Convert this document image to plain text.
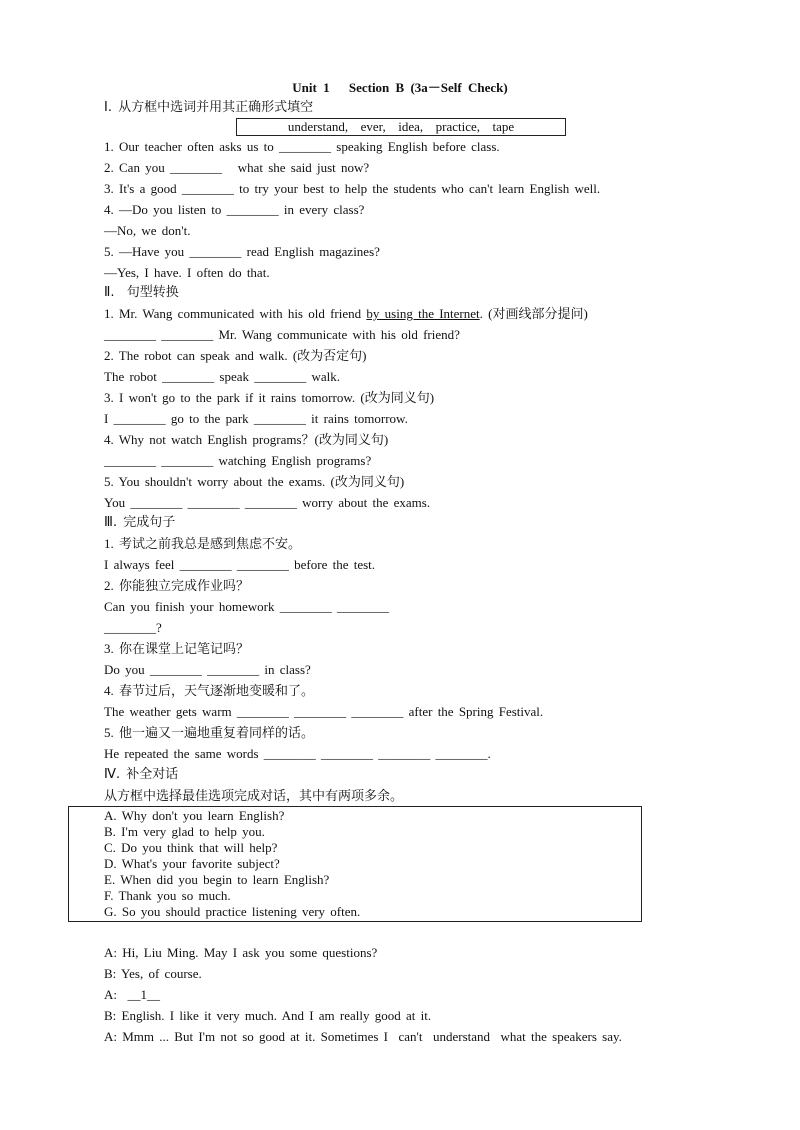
Unit 1　 Section B (3a－Self Check)
Ⅰ. 从方框中选词并用其正确形式填空
understand,  ever,  idea,  practice,  tape
1. Our teacher often asks us to ________ speaking English before class.
2. Can you ________   what she said just now?
3. It's a good ________ to try your best to help the students who can't learn English well.
4. —Do you listen to ________ in every class?
—No, we don't.
5. —Have you ________ read English magazines?
—Yes, I have. I often do that.
Ⅱ.  句型转换
1. Mr. Wang communicated with his old friend by using the Internet. (对画线部分提问)
________ ________ Mr. Wang communicate with his old friend?
2. The robot can speak and walk. (改为否定句)
The robot ________ speak ________ walk.
3. I won't go to the park if it rains tomorrow. (改为同义句)
I ________ go to the park ________ it rains tomorrow.
4. Why not watch English programs？(改为同义句)
________ ________ watching English programs?
5. You shouldn't worry about the exams. (改为同义句)
You ________ ________ ________ worry about the exams.
Ⅲ. 完成句子
1. 考试之前我总是感到焦虑不安。
I always feel ________ ________ before the test.
2. 你能独立完成作业吗？
Can you finish your homework ________ ________
________?
3. 你在课堂上记笔记吗？
Do you ________ ________ in class?
4. 春节过后，天气逐渐地变暖和了。
The weather gets warm ________ ________ ________ after the Spring Festival.
5. 他一遍又一遍地重复着同样的话。
He repeated the same words ________ ________ ________ ________.
Ⅳ. 补全对话
从方框中选择最佳选项完成对话，其中有两项多余。
A. Why don't you learn English?
B. I'm very glad to help you.
C. Do you think that will help?
D. What's your favorite subject?
E. When did you begin to learn English?
F. Thank you so much.
G. So you should practice listening very often.
A: Hi, Liu Ming. May I ask you some questions?
B: Yes, of course.
A:  __1__
B: English. I like it very much. And I am really good at it.
A: Mmm ... But I'm not so good at it. Sometimes I  can't  understand  what the speakers say.
